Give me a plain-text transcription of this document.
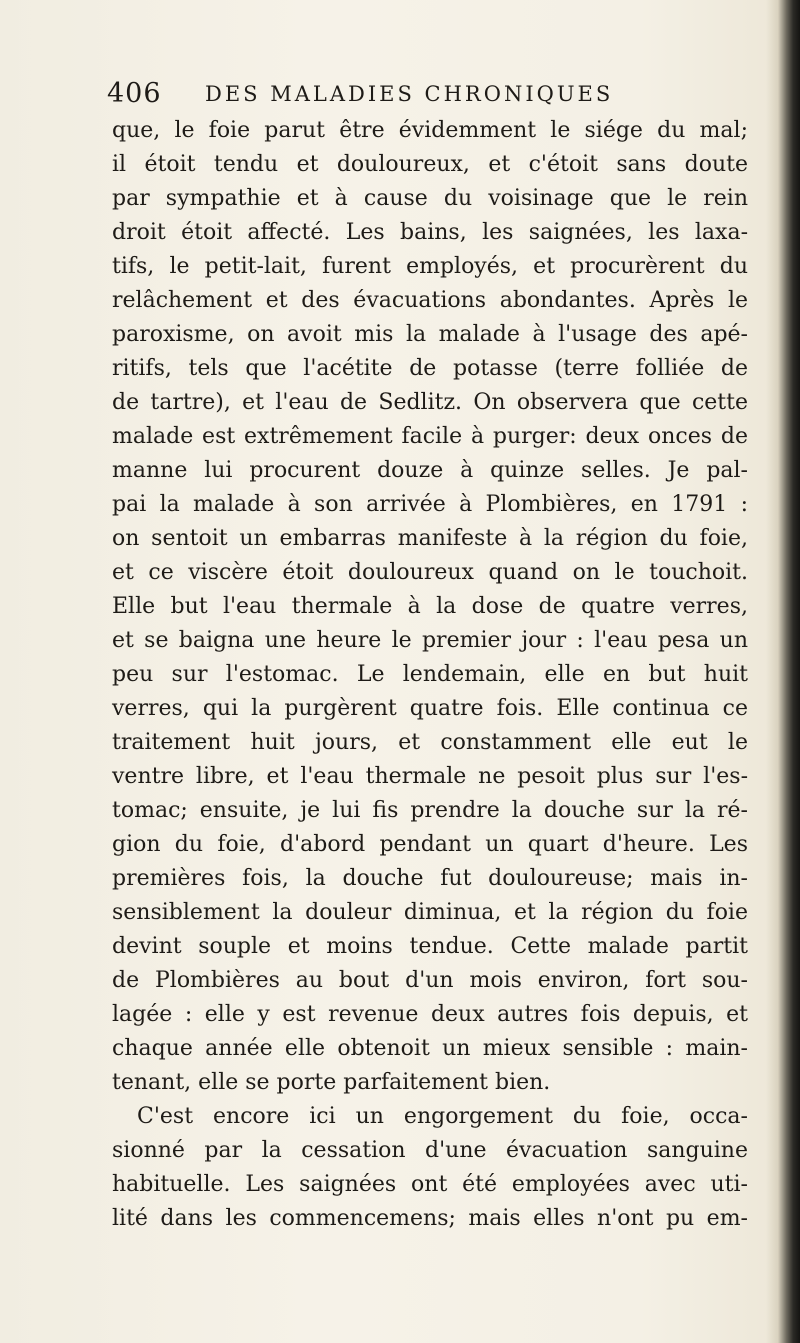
406 DES MALADIES CHRONIQUES
que, le foie parut être évidemment le siége du mal;
il étoit tendu et douloureux, et c'étoit sans doute
par sympathie et à cause du voisinage que le rein
droit étoit affecté. Les bains, les saignées, les laxa-
tifs, le petit-lait, furent employés, et procurèrent du
relâchement et des évacuations abondantes. Après le
paroxisme, on avoit mis la malade à l'usage des apé-
ritifs, tels que l'acétite de potasse (terre folliée de
de tartre), et l'eau de Sedlitz. On observera que cette
malade est extrêmement facile à purger: deux onces de
manne lui procurent douze à quinze selles. Je pal-
pai la malade à son arrivée à Plombières, en 1791 :
on sentoit un embarras manifeste à la région du foie,
et ce viscère étoit douloureux quand on le touchoit.
Elle but l'eau thermale à la dose de quatre verres,
et se baigna une heure le premier jour : l'eau pesa un
peu sur l'estomac. Le lendemain, elle en but huit
verres, qui la purgèrent quatre fois. Elle continua ce
traitement huit jours, et constamment elle eut le
ventre libre, et l'eau thermale ne pesoit plus sur l'es-
tomac; ensuite, je lui fis prendre la douche sur la ré-
gion du foie, d'abord pendant un quart d'heure. Les
premières fois, la douche fut douloureuse; mais in-
sensiblement la douleur diminua, et la région du foie
devint souple et moins tendue. Cette malade partit
de Plombières au bout d'un mois environ, fort sou-
lagée : elle y est revenue deux autres fois depuis, et
chaque année elle obtenoit un mieux sensible : main-
tenant, elle se porte parfaitement bien.
C'est encore ici un engorgement du foie, occa-
sionné par la cessation d'une évacuation sanguine
habituelle. Les saignées ont été employées avec uti-
lité dans les commencemens; mais elles n'ont pu em-
